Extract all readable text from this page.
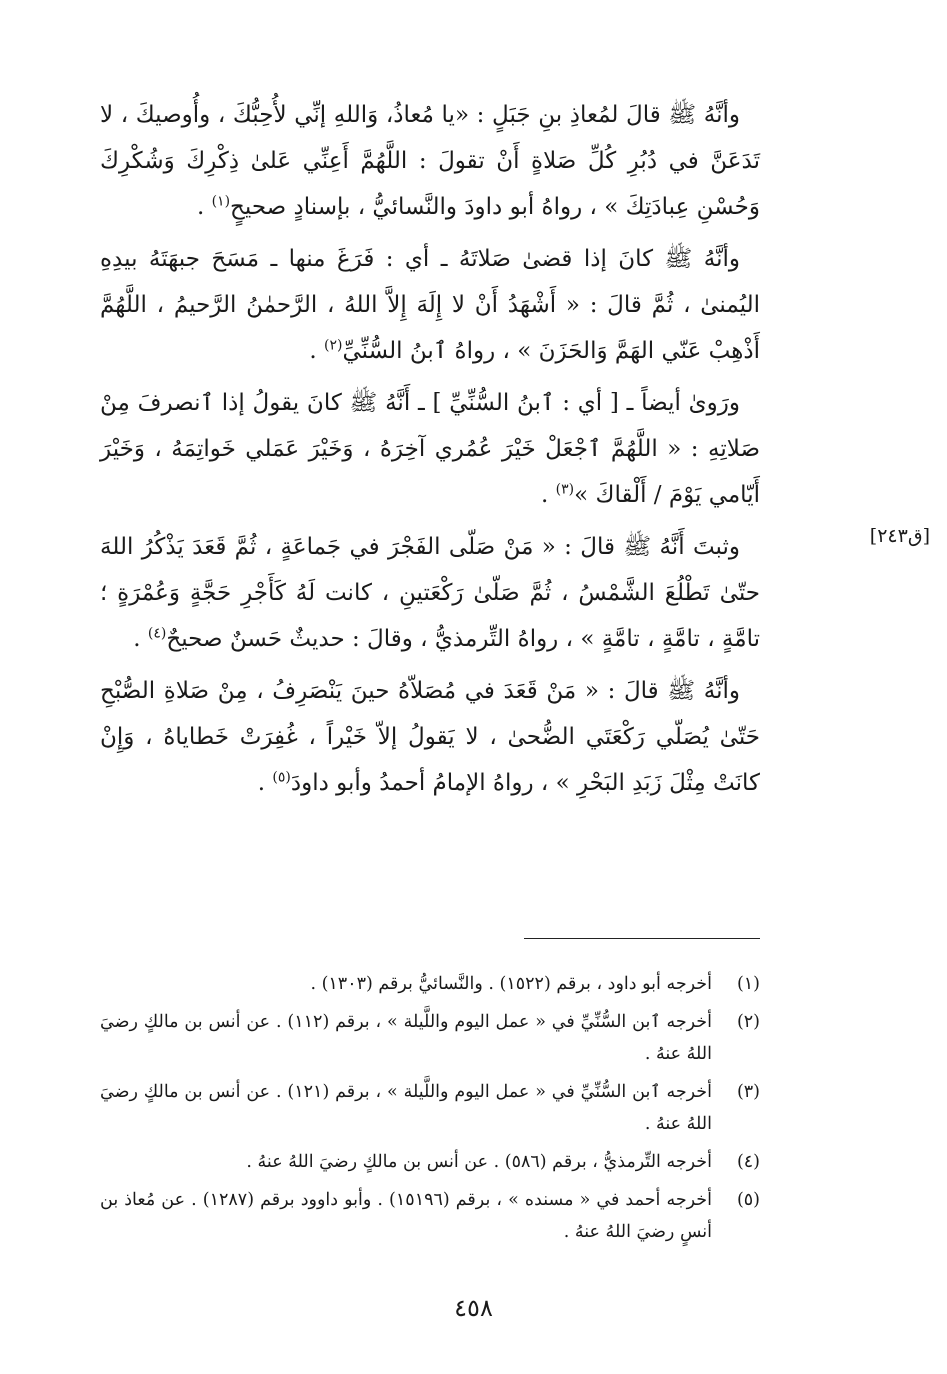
وأنَّهُ ﷺ قالَ لمُعاذِ بنِ جَبَلٍ : «يا مُعاذُ، وَاللهِ إنِّي لأُحِبُّكَ ، وأُوصيكَ ، لا تَدَعَنَّ في دُبُرِ كُلِّ صَلاةٍ أَنْ تقولَ : اللَّهُمَّ أَعِنِّي عَلىٰ ذِكْرِكَ وَشُكْرِكَ وَحُسْنِ عِبادَتِكَ » ، رواهُ أبو داودَ والنَّسائيُّ ، بإسنادٍ صحيحٍ$^{(١)}$ .

وأنَّهُ ﷺ كانَ إذا قضىٰ صَلاتَهُ ـ أي : فَرَغَ منها ـ مَسَحَ جبهَتَهُ بيدِهِ اليُمنىٰ ، ثُمَّ قالَ : « أَشْهَدُ أَنْ لا إِلَهَ إِلاَّ اللهُ ، الرَّحمٰنُ الرَّحيمُ ، اللَّهُمَّ أَذْهِبْ عَنّي الهَمَّ وَالحَزَنَ » ، رواهُ ٱبنُ السُّنِّيِّ$^{(٢)}$ .

ورَوىٰ أيضاً ـ [ أي : ٱبنُ السُّنِّيِّ ] ـ أَنَّهُ ﷺ كانَ يقولُ إذا ٱنصرفَ مِنْ صَلاتِهِ : « اللَّهُمَّ ٱجْعَلْ خَيْرَ عُمُري آخِرَهُ ، وَخَيْرَ عَمَلي خَواتِمَهُ ، وَخَيْرَ أَيّامي يَوْمَ / أَلْقاكَ »$^{(٣)}$ .

وثبتَ أَنَّهُ ﷺ قالَ : « مَنْ صَلّى الفَجْرَ في جَماعَةٍ ، ثُمَّ قَعَدَ يَذْكُرُ اللهَ حتّىٰ تَطْلُعَ الشَّمْسُ ، ثُمَّ صَلّىٰ رَكْعَتينِ ، كانت لَهُ كَأَجْرِ حَجَّةٍ وَعُمْرَةٍ ؛ تامَّةٍ ، تامَّةٍ ، تامَّةٍ » ، رواهُ التِّرمذيُّ ، وقالَ : حديثٌ حَسنٌ صحيحٌ$^{(٤)}$ .

وأنَّهُ ﷺ قالَ : « مَنْ قَعَدَ في مُصَلاّهُ حينَ يَنْصَرِفُ ، مِنْ صَلاةِ الصُّبْحِ حَتّىٰ يُصَلّي رَكْعَتَي الضُّحىٰ ، لا يَقولُ إلاّ خَيْراً ، غُفِرَتْ خَطاياهُ ، وَإِنْ كانَتْ مِثْلَ زَبَدِ البَحْرِ » ، رواهُ الإمامُ أحمدُ وأبو داودَ$^{(٥)}$ .

[ق٢٤٣]
(١)
أخرجه أبو داود ، برقم (١٥٢٢) . والنَّسائيُّ برقم (١٣٠٣) .
(٢)
أخرجه ٱبن السُّنِّيِّ في « عمل اليوم واللَّيلة » ، برقم (١١٢) . عن أنس بن مالكٍ رضيَ اللهُ عنهُ .
(٣)
أخرجه ٱبن السُّنِّيِّ في « عمل اليوم واللَّيلة » ، برقم (١٢١) . عن أنس بن مالكٍ رضيَ اللهُ عنهُ .
(٤)
أخرجه التِّرمذيُّ ، برقم (٥٨٦) . عن أنس بن مالكٍ رضيَ اللهُ عنهُ .
(٥)
أخرجه أحمد في « مسنده » ، برقم (١٥١٩٦) . وأبو داوود برقم (١٢٨٧) . عن مُعاذ بن أنسٍ رضيَ اللهُ عنهُ .
٤٥٨
